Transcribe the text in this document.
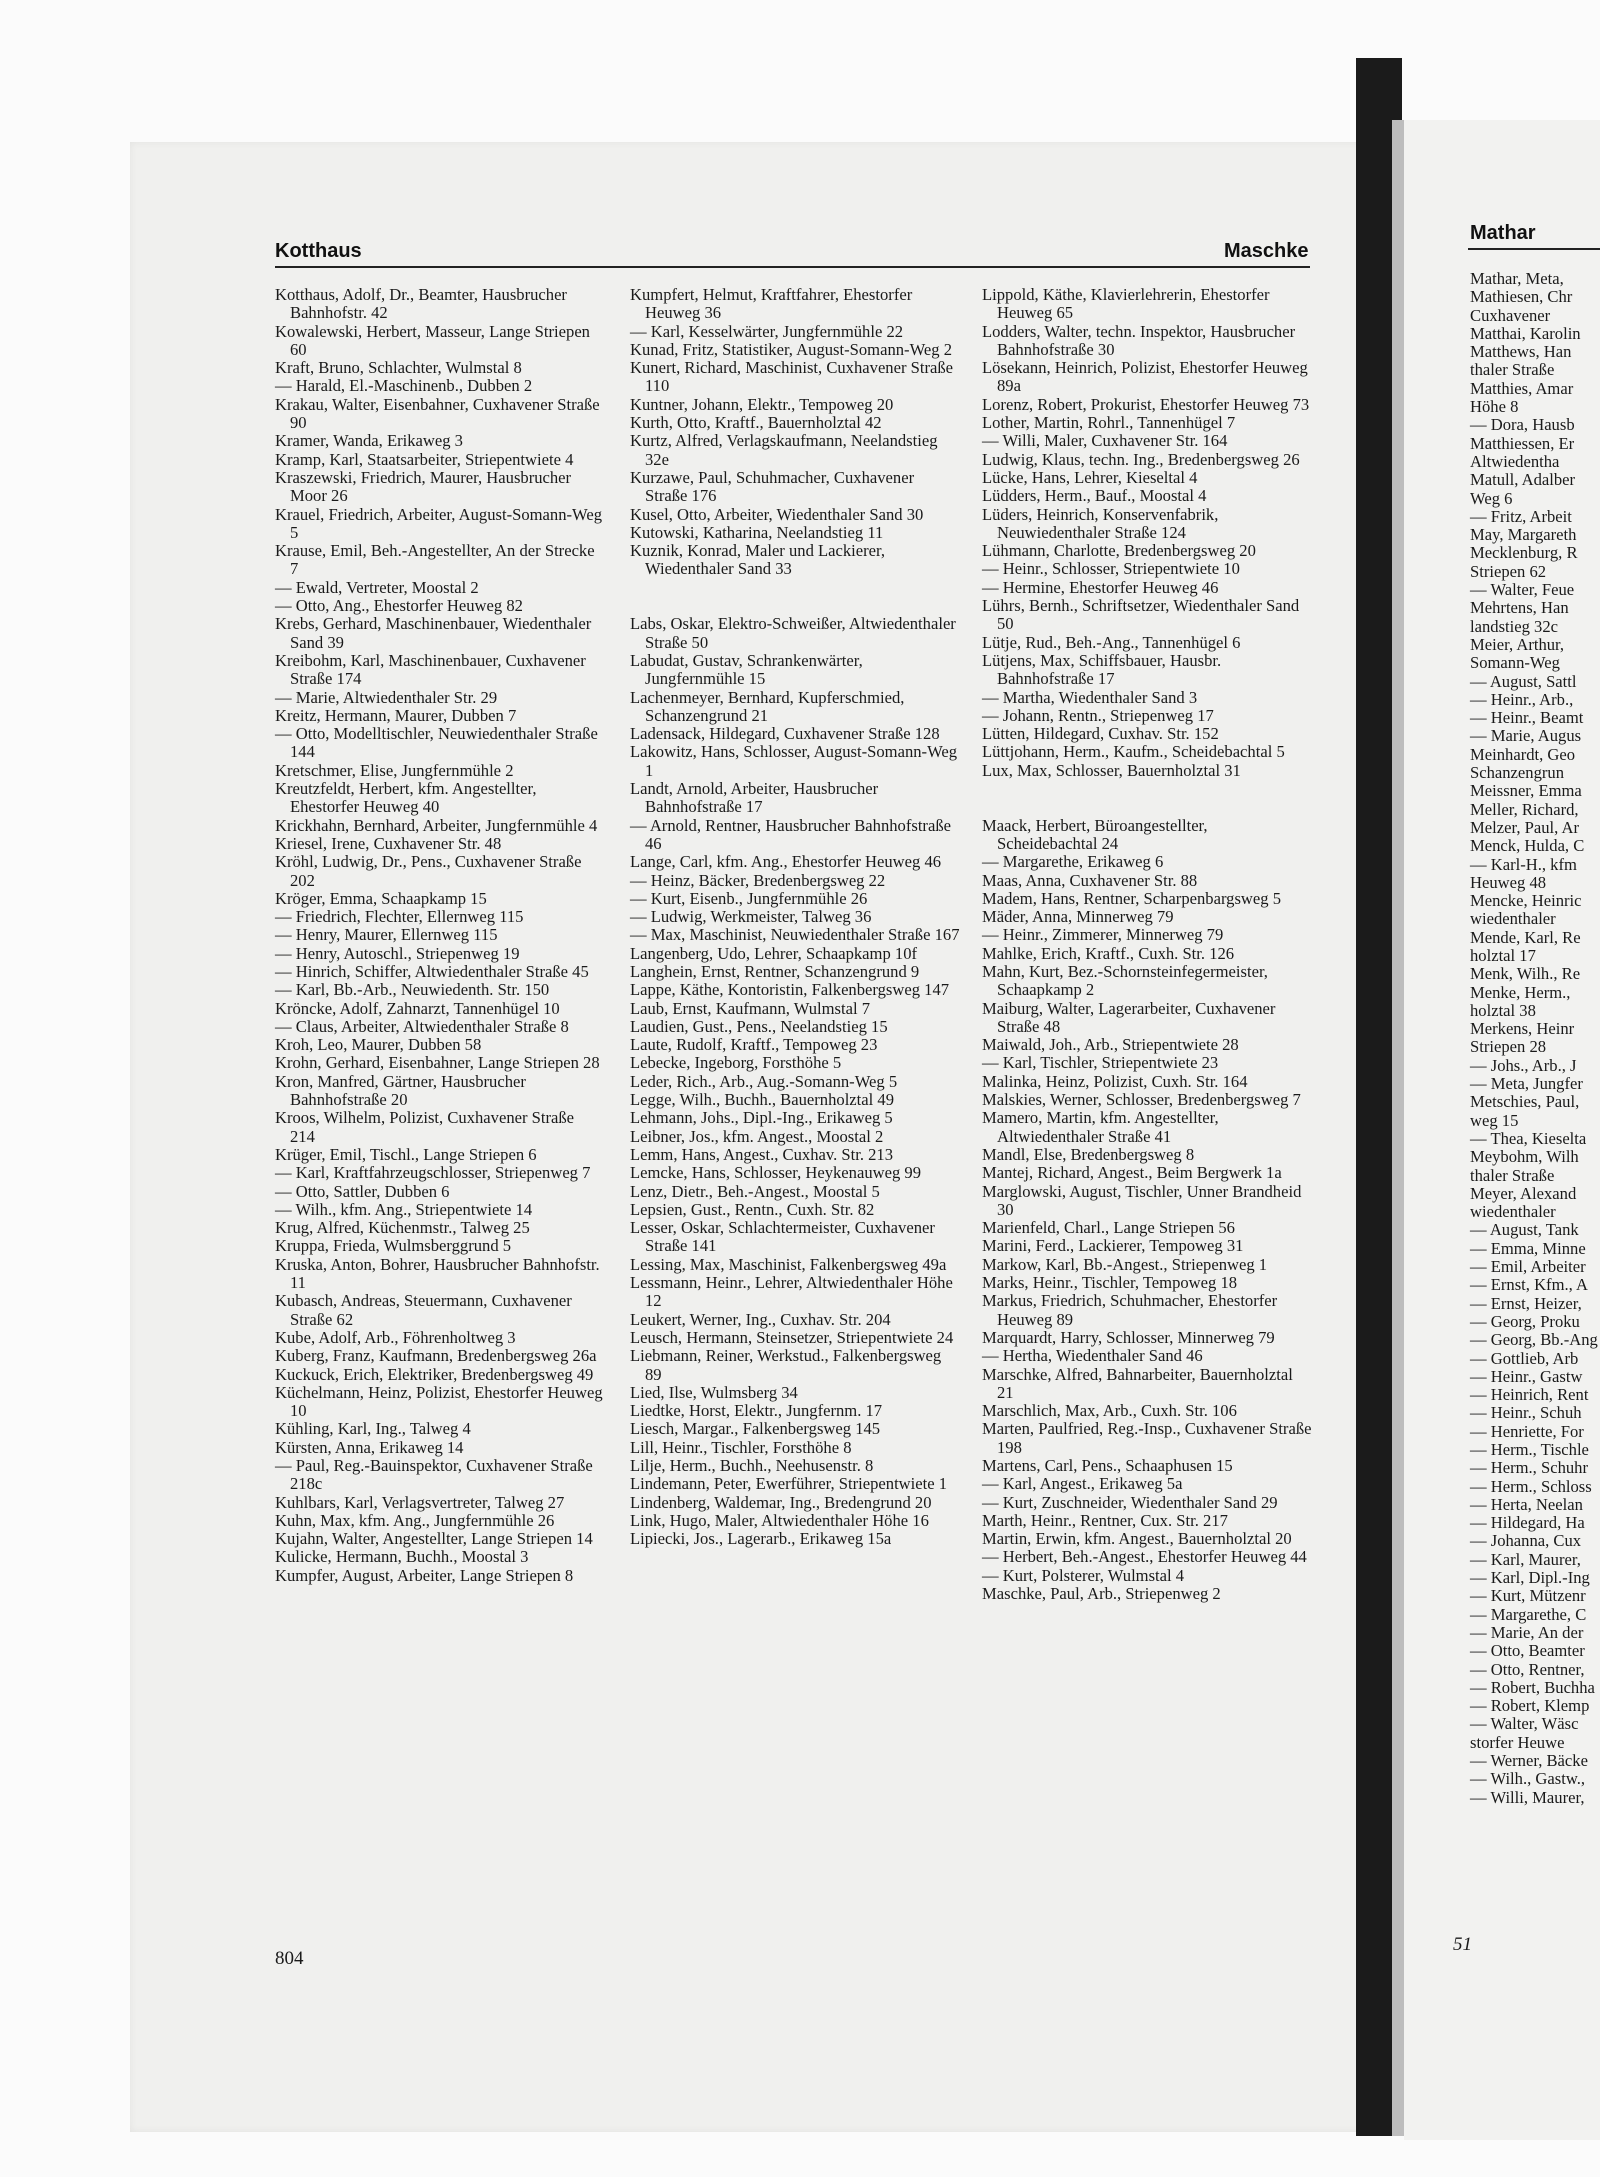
Kotthaus	Maschke
Mathar
Kotthaus, Adolf, Dr., Beamter, Hausbrucher Bahnhofstr. 42
Kowalewski, Herbert, Masseur, Lange Striepen 60
Kraft, Bruno, Schlachter, Wulmstal 8
— Harald, El.-Maschinenb., Dubben 2
Krakau, Walter, Eisenbahner, Cuxhavener Straße 90
Kramer, Wanda, Erikaweg 3
Kramp, Karl, Staatsarbeiter, Striepentwiete 4
Kraszewski, Friedrich, Maurer, Hausbrucher Moor 26
Krauel, Friedrich, Arbeiter, August-Somann-Weg 5
Krause, Emil, Beh.-Angestellter, An der Strecke 7
— Ewald, Vertreter, Moostal 2
— Otto, Ang., Ehestorfer Heuweg 82
Krebs, Gerhard, Maschinenbauer, Wiedenthaler Sand 39
Kreibohm, Karl, Maschinenbauer, Cuxhavener Straße 174
— Marie, Altwiedenthaler Str. 29
Kreitz, Hermann, Maurer, Dubben 7
— Otto, Modelltischler, Neuwiedenthaler Straße 144
Kretschmer, Elise, Jungfernmühle 2
Kreutzfeldt, Herbert, kfm. Angestellter, Ehestorfer Heuweg 40
Krickhahn, Bernhard, Arbeiter, Jungfernmühle 4
Kriesel, Irene, Cuxhavener Str. 48
Kröhl, Ludwig, Dr., Pens., Cuxhavener Straße 202
Kröger, Emma, Schaapkamp 15
— Friedrich, Flechter, Ellernweg 115
— Henry, Maurer, Ellernweg 115
— Henry, Autoschl., Striepenweg 19
— Hinrich, Schiffer, Altwiedenthaler Straße 45
— Karl, Bb.-Arb., Neuwiedenth. Str. 150
Kröncke, Adolf, Zahnarzt, Tannenhügel 10
— Claus, Arbeiter, Altwiedenthaler Straße 8
Kroh, Leo, Maurer, Dubben 58
Krohn, Gerhard, Eisenbahner, Lange Striepen 28
Kron, Manfred, Gärtner, Hausbrucher Bahnhofstraße 20
Kroos, Wilhelm, Polizist, Cuxhavener Straße 214
Krüger, Emil, Tischl., Lange Striepen 6
— Karl, Kraftfahrzeugschlosser, Striepenweg 7
— Otto, Sattler, Dubben 6
— Wilh., kfm. Ang., Striepentwiete 14
Krug, Alfred, Küchenmstr., Talweg 25
Kruppa, Frieda, Wulmsberggrund 5
Kruska, Anton, Bohrer, Hausbrucher Bahnhofstr. 11
Kubasch, Andreas, Steuermann, Cuxhavener Straße 62
Kube, Adolf, Arb., Föhrenholtweg 3
Kuberg, Franz, Kaufmann, Bredenbergsweg 26a
Kuckuck, Erich, Elektriker, Bredenbergsweg 49
Küchelmann, Heinz, Polizist, Ehestorfer Heuweg 10
Kühling, Karl, Ing., Talweg 4
Kürsten, Anna, Erikaweg 14
— Paul, Reg.-Bauinspektor, Cuxhavener Straße 218c
Kuhlbars, Karl, Verlagsvertreter, Talweg 27
Kuhn, Max, kfm. Ang., Jungfernmühle 26
Kujahn, Walter, Angestellter, Lange Striepen 14
Kulicke, Hermann, Buchh., Moostal 3
Kumpfer, August, Arbeiter, Lange Striepen 8
Kumpfert, Helmut, Kraftfahrer, Ehestorfer Heuweg 36
— Karl, Kesselwärter, Jungfernmühle 22
Kunad, Fritz, Statistiker, August-Somann-Weg 2
Kunert, Richard, Maschinist, Cuxhavener Straße 110
Kuntner, Johann, Elektr., Tempoweg 20
Kurth, Otto, Kraftf., Bauernholztal 42
Kurtz, Alfred, Verlagskaufmann, Neelandstieg 32e
Kurzawe, Paul, Schuhmacher, Cuxhavener Straße 176
Kusel, Otto, Arbeiter, Wiedenthaler Sand 30
Kutowski, Katharina, Neelandstieg 11
Kuznik, Konrad, Maler und Lackierer, Wiedenthaler Sand 33
Labs, Oskar, Elektro-Schweißer, Altwiedenthaler Straße 50
Labudat, Gustav, Schrankenwärter, Jungfernmühle 15
Lachenmeyer, Bernhard, Kupferschmied, Schanzengrund 21
Ladensack, Hildegard, Cuxhavener Straße 128
Lakowitz, Hans, Schlosser, August-Somann-Weg 1
Landt, Arnold, Arbeiter, Hausbrucher Bahnhofstraße 17
— Arnold, Rentner, Hausbrucher Bahnhofstraße 46
Lange, Carl, kfm. Ang., Ehestorfer Heuweg 46
— Heinz, Bäcker, Bredenbergsweg 22
— Kurt, Eisenb., Jungfernmühle 26
— Ludwig, Werkmeister, Talweg 36
— Max, Maschinist, Neuwiedenthaler Straße 167
Langenberg, Udo, Lehrer, Schaapkamp 10f
Langhein, Ernst, Rentner, Schanzengrund 9
Lappe, Käthe, Kontoristin, Falkenbergsweg 147
Laub, Ernst, Kaufmann, Wulmstal 7
Laudien, Gust., Pens., Neelandstieg 15
Laute, Rudolf, Kraftf., Tempoweg 23
Lebecke, Ingeborg, Forsthöhe 5
Leder, Rich., Arb., Aug.-Somann-Weg 5
Legge, Wilh., Buchh., Bauernholztal 49
Lehmann, Johs., Dipl.-Ing., Erikaweg 5
Leibner, Jos., kfm. Angest., Moostal 2
Lemm, Hans, Angest., Cuxhav. Str. 213
Lemcke, Hans, Schlosser, Heykenauweg 99
Lenz, Dietr., Beh.-Angest., Moostal 5
Lepsien, Gust., Rentn., Cuxh. Str. 82
Lesser, Oskar, Schlachtermeister, Cuxhavener Straße 141
Lessing, Max, Maschinist, Falkenbergsweg 49a
Lessmann, Heinr., Lehrer, Altwiedenthaler Höhe 12
Leukert, Werner, Ing., Cuxhav. Str. 204
Leusch, Hermann, Steinsetzer, Striepentwiete 24
Liebmann, Reiner, Werkstud., Falkenbergsweg 89
Lied, Ilse, Wulmsberg 34
Liedtke, Horst, Elektr., Jungfernm. 17
Liesch, Margar., Falkenbergsweg 145
Lill, Heinr., Tischler, Forsthöhe 8
Lilje, Herm., Buchh., Neehusenstr. 8
Lindemann, Peter, Ewerführer, Striepentwiete 1
Lindenberg, Waldemar, Ing., Bredengrund 20
Link, Hugo, Maler, Altwiedenthaler Höhe 16
Lipiecki, Jos., Lagerarb., Erikaweg 15a
Lippold, Käthe, Klavierlehrerin, Ehestorfer Heuweg 65
Lodders, Walter, techn. Inspektor, Hausbrucher Bahnhofstraße 30
Lösekann, Heinrich, Polizist, Ehestorfer Heuweg 89a
Lorenz, Robert, Prokurist, Ehestorfer Heuweg 73
Lother, Martin, Rohrl., Tannenhügel 7
— Willi, Maler, Cuxhavener Str. 164
Ludwig, Klaus, techn. Ing., Bredenbergsweg 26
Lücke, Hans, Lehrer, Kieseltal 4
Lüdders, Herm., Bauf., Moostal 4
Lüders, Heinrich, Konservenfabrik, Neuwiedenthaler Straße 124
Lühmann, Charlotte, Bredenbergsweg 20
— Heinr., Schlosser, Striepentwiete 10
— Hermine, Ehestorfer Heuweg 46
Lührs, Bernh., Schriftsetzer, Wiedenthaler Sand 50
Lütje, Rud., Beh.-Ang., Tannenhügel 6
Lütjens, Max, Schiffsbauer, Hausbr. Bahnhofstraße 17
— Martha, Wiedenthaler Sand 3
— Johann, Rentn., Striepenweg 17
Lütten, Hildegard, Cuxhav. Str. 152
Lüttjohann, Herm., Kaufm., Scheidebachtal 5
Lux, Max, Schlosser, Bauernholztal 31
Maack, Herbert, Büroangestellter, Scheidebachtal 24
— Margarethe, Erikaweg 6
Maas, Anna, Cuxhavener Str. 88
Madem, Hans, Rentner, Scharpenbargsweg 5
Mäder, Anna, Minnerweg 79
— Heinr., Zimmerer, Minnerweg 79
Mahlke, Erich, Kraftf., Cuxh. Str. 126
Mahn, Kurt, Bez.-Schornsteinfegermeister, Schaapkamp 2
Maiburg, Walter, Lagerarbeiter, Cuxhavener Straße 48
Maiwald, Joh., Arb., Striepentwiete 28
— Karl, Tischler, Striepentwiete 23
Malinka, Heinz, Polizist, Cuxh. Str. 164
Malskies, Werner, Schlosser, Bredenbergsweg 7
Mamero, Martin, kfm. Angestellter, Altwiedenthaler Straße 41
Mandl, Else, Bredenbergsweg 8
Mantej, Richard, Angest., Beim Bergwerk 1a
Marglowski, August, Tischler, Unner Brandheid 30
Marienfeld, Charl., Lange Striepen 56
Marini, Ferd., Lackierer, Tempoweg 31
Markow, Karl, Bb.-Angest., Striepenweg 1
Marks, Heinr., Tischler, Tempoweg 18
Markus, Friedrich, Schuhmacher, Ehestorfer Heuweg 89
Marquardt, Harry, Schlosser, Minnerweg 79
— Hertha, Wiedenthaler Sand 46
Marschke, Alfred, Bahnarbeiter, Bauernholztal 21
Marschlich, Max, Arb., Cuxh. Str. 106
Marten, Paulfried, Reg.-Insp., Cuxhavener Straße 198
Martens, Carl, Pens., Schaaphusen 15
— Karl, Angest., Erikaweg 5a
— Kurt, Zuschneider, Wiedenthaler Sand 29
Marth, Heinr., Rentner, Cux. Str. 217
Martin, Erwin, kfm. Angest., Bauernholztal 20
— Herbert, Beh.-Angest., Ehestorfer Heuweg 44
— Kurt, Polsterer, Wulmstal 4
Maschke, Paul, Arb., Striepenweg 2
Mathar, Meta,
Mathiesen, Chr
Cuxhavener
Matthai, Karolin
Matthews, Han
thaler Straße
Matthies, Amar
Höhe 8
— Dora, Hausb
Matthiessen, Er
Altwiedentha
Matull, Adalber
Weg 6
— Fritz, Arbeit
May, Margareth
Mecklenburg, R
Striepen 62
— Walter, Feue
Mehrtens, Han
landstieg 32c
Meier, Arthur,
Somann-Weg
— August, Sattl
— Heinr., Arb.,
— Heinr., Beamt
— Marie, Augus
Meinhardt, Geo
Schanzengrun
Meissner, Emma
Meller, Richard,
Melzer, Paul, Ar
Menck, Hulda, C
— Karl-H., kfm
Heuweg 48
Mencke, Heinric
wiedenthaler
Mende, Karl, Re
holztal 17
Menk, Wilh., Re
Menke, Herm.,
holztal 38
Merkens, Heinr
Striepen 28
— Johs., Arb., J
— Meta, Jungfer
Metschies, Paul,
weg 15
— Thea, Kieselta
Meybohm, Wilh
thaler Straße
Meyer, Alexand
wiedenthaler
— August, Tank
— Emma, Minne
— Emil, Arbeiter
— Ernst, Kfm., A
— Ernst, Heizer,
— Georg, Proku
— Georg, Bb.-Ang
— Gottlieb, Arb
— Heinr., Gastw
— Heinrich, Rent
— Heinr., Schuh
— Henriette, For
— Herm., Tischle
— Herm., Schuhr
— Herm., Schloss
— Herta, Neelan
— Hildegard, Ha
— Johanna, Cux
— Karl, Maurer,
— Karl, Dipl.-Ing
— Kurt, Mützenr
— Margarethe, C
— Marie, An der
— Otto, Beamter
— Otto, Rentner,
— Robert, Buchha
— Robert, Klemp
— Walter, Wäsc
storfer Heuwe
— Werner, Bäcke
— Wilh., Gastw.,
— Willi, Maurer,
804
51
